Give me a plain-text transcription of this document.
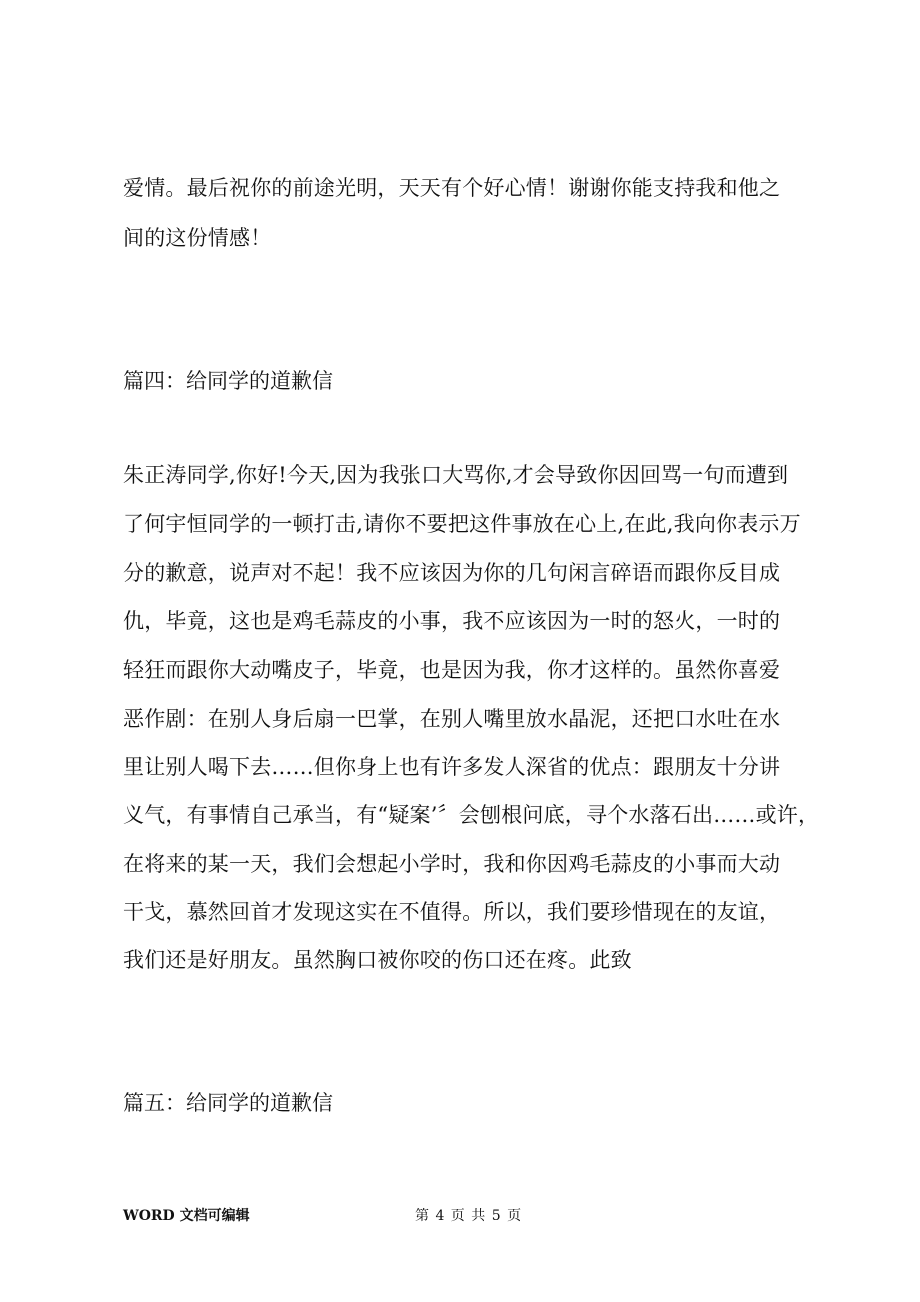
爱情。最后祝你的前途光明，天天有个好心情！谢谢你能支持我和他之
间的这份情感！
篇四：给同学的道歉信
朱正涛同学,你好!今天,因为我张口大骂你,才会导致你因回骂一句而遭到
了何宇恒同学的一顿打击,请你不要把这件事放在心上,在此,我向你表示万
分的歉意，说声对不起！我不应该因为你的几句闲言碎语而跟你反目成
仇，毕竟，这也是鸡毛蒜皮的小事，我不应该因为一时的怒火，一时的
轻狂而跟你大动嘴皮子，毕竟，也是因为我，你才这样的。虽然你喜爱
恶作剧：在别人身后扇一巴掌，在别人嘴里放水晶泥，还把口水吐在水
里让别人喝下去……但你身上也有许多发人深省的优点：跟朋友十分讲
义气，有事情自己承当，有“疑案’〞会刨根问底，寻个水落石出……或许，
在将来的某一天，我们会想起小学时，我和你因鸡毛蒜皮的小事而大动
干戈，慕然回首才发现这实在不值得。所以，我们要珍惜现在的友谊，
我们还是好朋友。虽然胸口被你咬的伤口还在疼。此致
篇五：给同学的道歉信
WORD 文档可编辑	第 4 页 共 5 页
